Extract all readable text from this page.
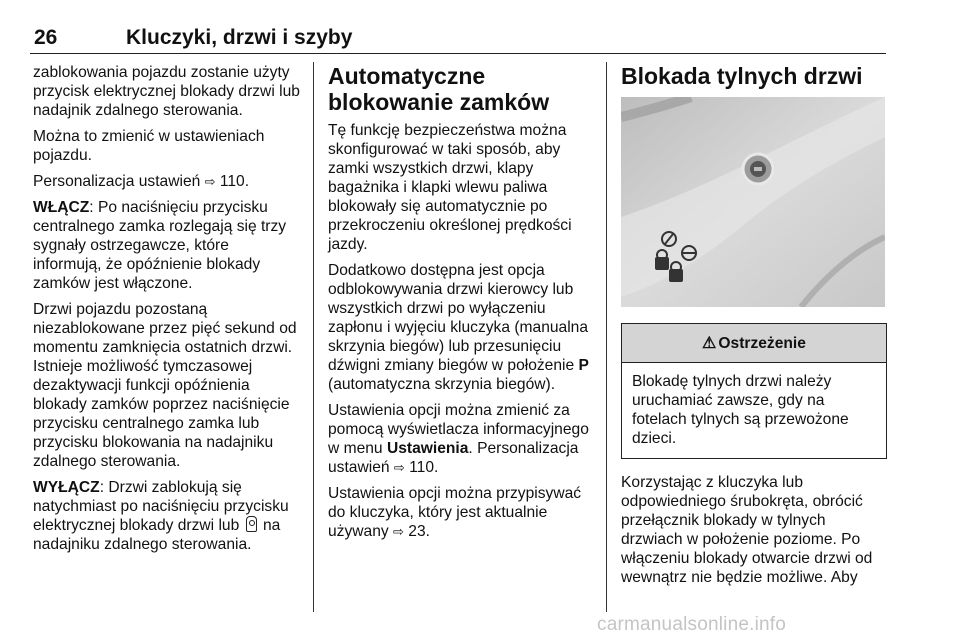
26	Kluczyki, drzwi i szyby

zablokowania pojazdu zostanie użyty przycisk elektrycznej blokady drzwi lub nadajnik zdalnego sterowania.

Można to zmienić w ustawieniach pojazdu.

Personalizacja ustawień ⇨ 110.

WŁĄCZ: Po naciśnięciu przycisku centralnego zamka rozlegają się trzy sygnały ostrzegawcze, które informują, że opóźnienie blokady zamków jest włączone.

Drzwi pojazdu pozostaną niezablokowane przez pięć sekund od momentu zamknięcia ostatnich drzwi. Istnieje możliwość tymczasowej dezaktywacji funkcji opóźnienia blokady zamków poprzez naciśnięcie przycisku centralnego zamka lub przycisku blokowania na nadajniku zdalnego sterowania.

WYŁĄCZ: Drzwi zablokują się natychmiast po naciśnięciu przycisku elektrycznej blokady drzwi lub  na nadajniku zdalnego sterowania.

Automatyczne blokowanie zamków

Tę funkcję bezpieczeństwa można skonfigurować w taki sposób, aby zamki wszystkich drzwi, klapy bagażnika i klapki wlewu paliwa blokowały się automatycznie po przekroczeniu określonej prędkości jazdy.

Dodatkowo dostępna jest opcja odblokowywania drzwi kierowcy lub wszystkich drzwi po wyłączeniu zapłonu i wyjęciu kluczyka (manualna skrzynia biegów) lub przesunięciu dźwigni zmiany biegów w położenie P (automatyczna skrzynia biegów).

Ustawienia opcji można zmienić za pomocą wyświetlacza informacyjnego w menu Ustawienia. Personalizacja ustawień ⇨ 110.

Ustawienia opcji można przypisywać do kluczyka, który jest aktualnie używany ⇨ 23.

Blokada tylnych drzwi
⚠ Ostrzeżenie
Blokadę tylnych drzwi należy uruchamiać zawsze, gdy na fotelach tylnych są przewożone dzieci.

Korzystając z kluczyka lub odpowiedniego śrubokręta, obrócić przełącznik blokady w tylnych drzwiach w położenie poziome. Po włączeniu blokady otwarcie drzwi od wewnątrz nie będzie możliwe. Aby

carmanualsonline.info
